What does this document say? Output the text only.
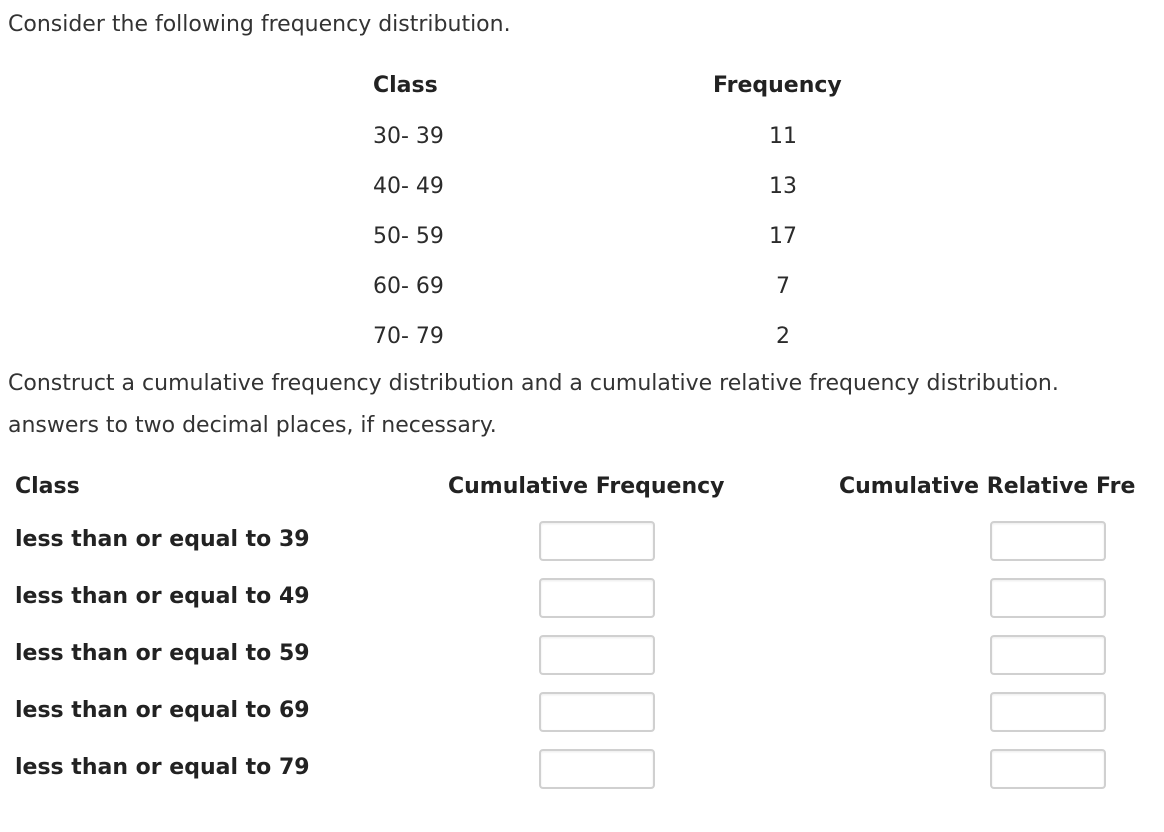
Consider the following frequency distribution.
Class	Frequency
30- 39	11
40- 49	13
50- 59	17
60- 69	7
70- 79	2
Construct a cumulative frequency distribution and a cumulative relative frequency distribution.
answers to two decimal places, if necessary.
Class	Cumulative Frequency	Cumulative Relative Fre
less than or equal to 39
less than or equal to 49
less than or equal to 59
less than or equal to 69
less than or equal to 79
